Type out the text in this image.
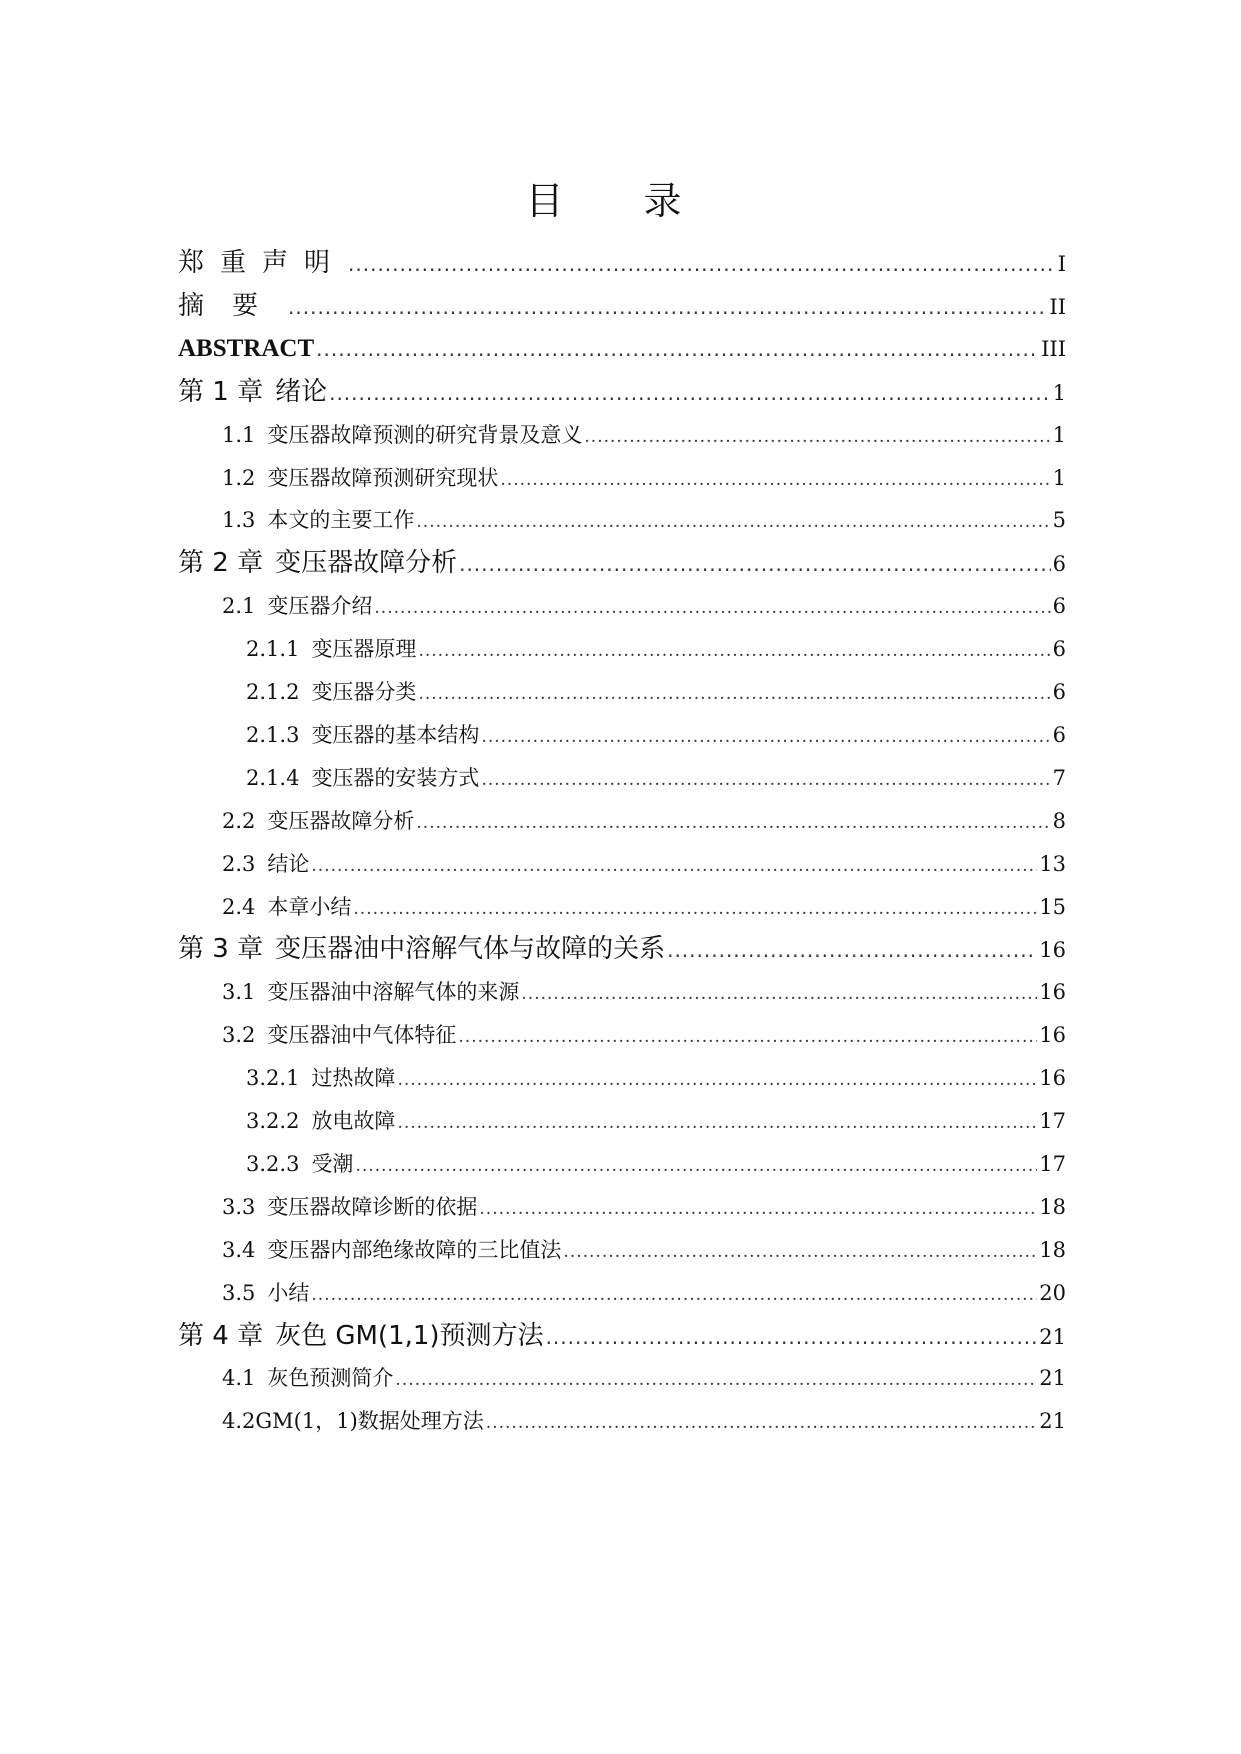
目 录
郑重声明 .....	I
摘要 .....	II
ABSTRACT .....	III
第 1 章 绪论 .....	1
1.1 变压器故障预测的研究背景及意义 .....	1
1.2 变压器故障预测研究现状 .....	1
1.3 本文的主要工作 .....	5
第 2 章 变压器故障分析 .....	6
2.1 变压器介绍 .....	6
2.1.1 变压器原理 .....	6
2.1.2 变压器分类 .....	6
2.1.3 变压器的基本结构 .....	6
2.1.4 变压器的安装方式 .....	7
2.2 变压器故障分析 .....	8
2.3 结论 .....	13
2.4 本章小结 .....	15
第 3 章 变压器油中溶解气体与故障的关系 .....	16
3.1 变压器油中溶解气体的来源 .....	16
3.2 变压器油中气体特征 .....	16
3.2.1 过热故障 .....	16
3.2.2 放电故障 .....	17
3.2.3 受潮 .....	17
3.3 变压器故障诊断的依据 .....	18
3.4 变压器内部绝缘故障的三比值法 .....	18
3.5 小结 .....	20
第 4 章 灰色 GM(1,1)预测方法 .....	21
4.1 灰色预测简介 .....	21
4.2GM(1，1)数据处理方法 .....	21
